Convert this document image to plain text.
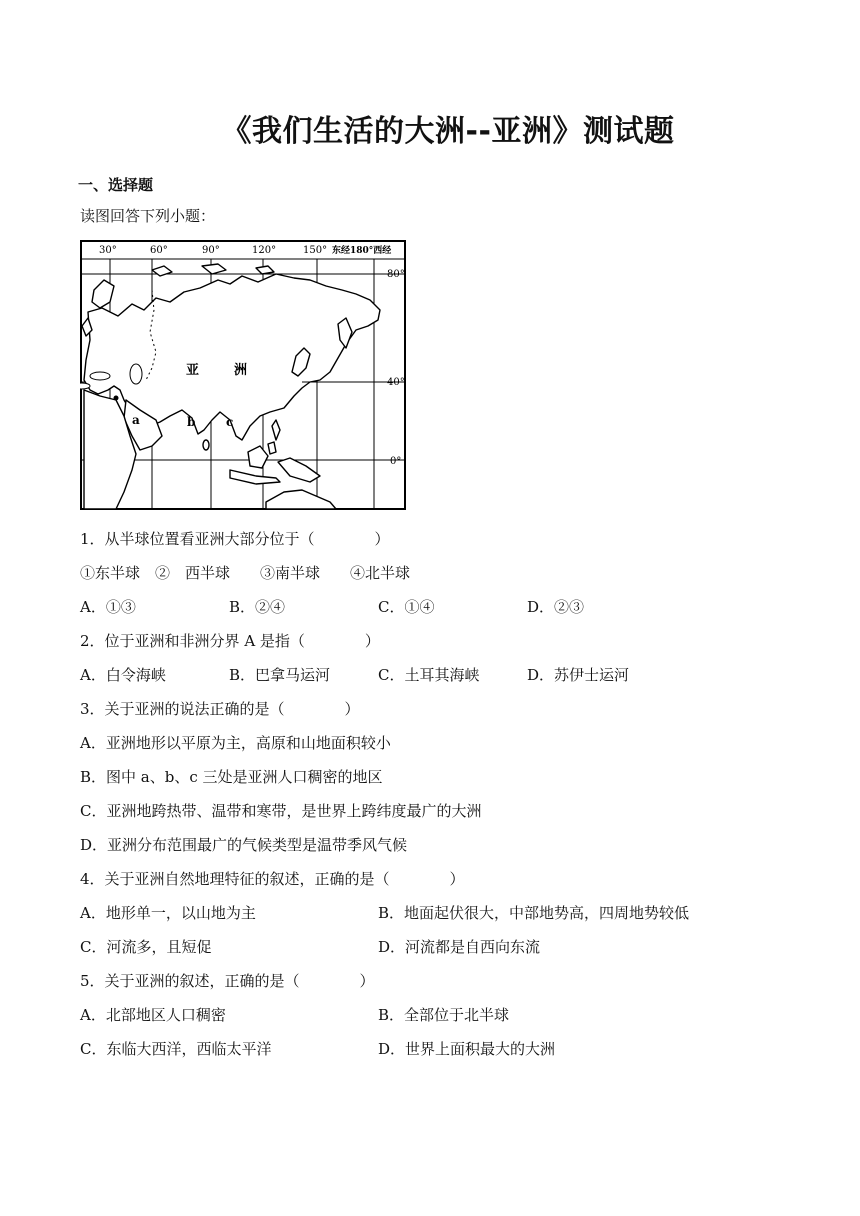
《我们生活的大洲--亚洲》测试题
一、选择题
读图回答下列小题：
30°	60°	90°	120°	150° 东经180°西经
80°
40°
0°
亚	洲
a	b	c
1．从半球位置看亚洲大部分位于（　　　　）
①东半球　②　西半球　　③南半球　　④北半球
A．①③	B．②④	C．①④	D．②③
2．位于亚洲和非洲分界 A 是指（　　　　）
A．白令海峡	B．巴拿马运河	C．土耳其海峡	D．苏伊士运河
3．关于亚洲的说法正确的是（　　　　）
A．亚洲地形以平原为主，高原和山地面积较小
B．图中 a、b、c 三处是亚洲人口稠密的地区
C．亚洲地跨热带、温带和寒带，是世界上跨纬度最广的大洲
D．亚洲分布范围最广的气候类型是温带季风气候
4．关于亚洲自然地理特征的叙述，正确的是（　　　　）
A．地形单一，以山地为主	B．地面起伏很大，中部地势高，四周地势较低
C．河流多，且短促	D．河流都是自西向东流
5．关于亚洲的叙述，正确的是（　　　　）
A．北部地区人口稠密	B．全部位于北半球
C．东临大西洋，西临太平洋	D．世界上面积最大的大洲
